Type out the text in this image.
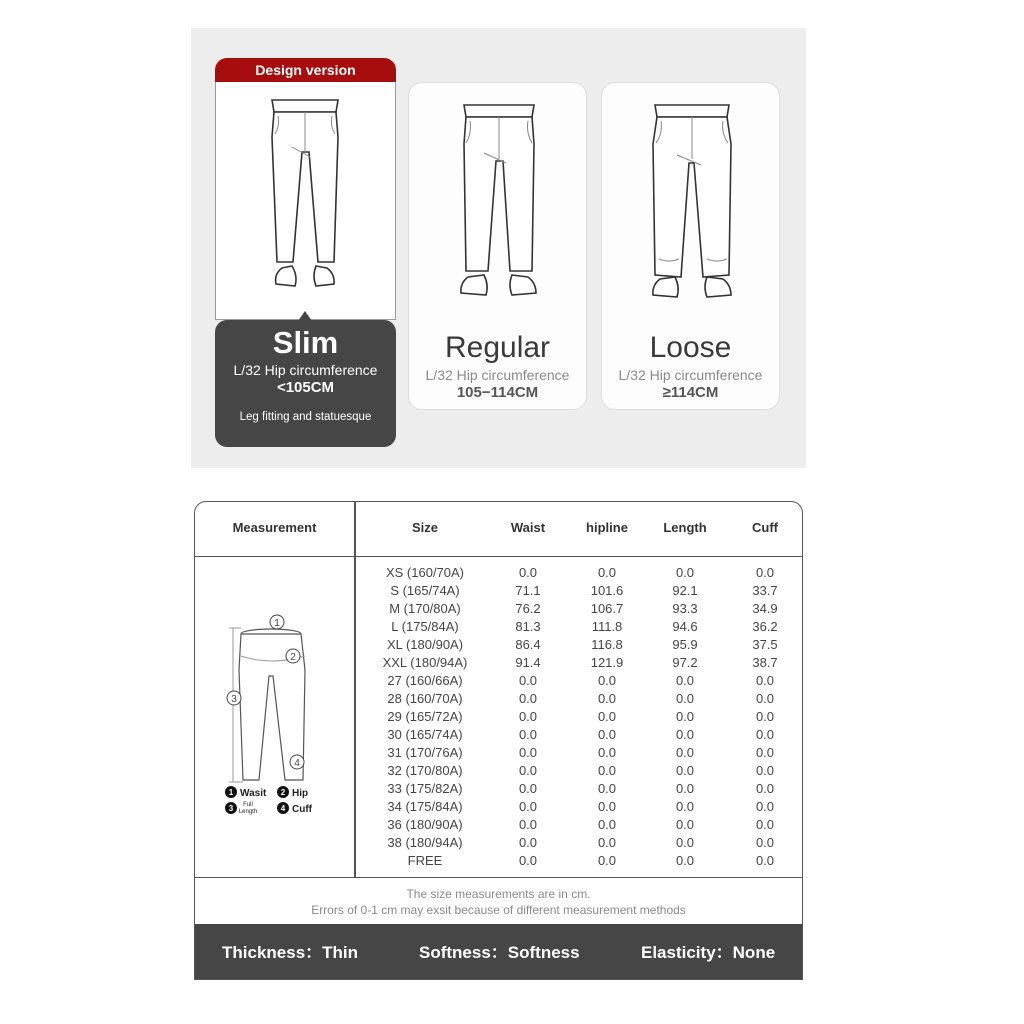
Design version
Slim
L/32 Hip circumference
<105CM
Leg fitting and statuesque
Regular
L/32 Hip circumference
105−114CM
Loose
L/32 Hip circumference
≥114CM
Measurement	Size	Waist	hipline	Length	Cuff
1
2
3
4
1	2
3	4
Wasit	Hip
Full
Length	Cuff
XS (160/70A)	0.0	0.0	0.0	0.0
S (165/74A)	71.1	101.6	92.1	33.7
M (170/80A)	76.2	106.7	93.3	34.9
L (175/84A)	81.3	111.8	94.6	36.2
XL (180/90A)	86.4	116.8	95.9	37.5
XXL (180/94A)	91.4	121.9	97.2	38.7
27 (160/66A)	0.0	0.0	0.0	0.0
28 (160/70A)	0.0	0.0	0.0	0.0
29 (165/72A)	0.0	0.0	0.0	0.0
30 (165/74A)	0.0	0.0	0.0	0.0
31 (170/76A)	0.0	0.0	0.0	0.0
32 (170/80A)	0.0	0.0	0.0	0.0
33 (175/82A)	0.0	0.0	0.0	0.0
34 (175/84A)	0.0	0.0	0.0	0.0
36 (180/90A)	0.0	0.0	0.0	0.0
38 (180/94A)	0.0	0.0	0.0	0.0
FREE	0.0	0.0	0.0	0.0
The size measurements are in cm.
Errors of 0-1 cm may exsit because of different measurement methods
Thickness：Thin	Softness：Softness	Elasticity：None
